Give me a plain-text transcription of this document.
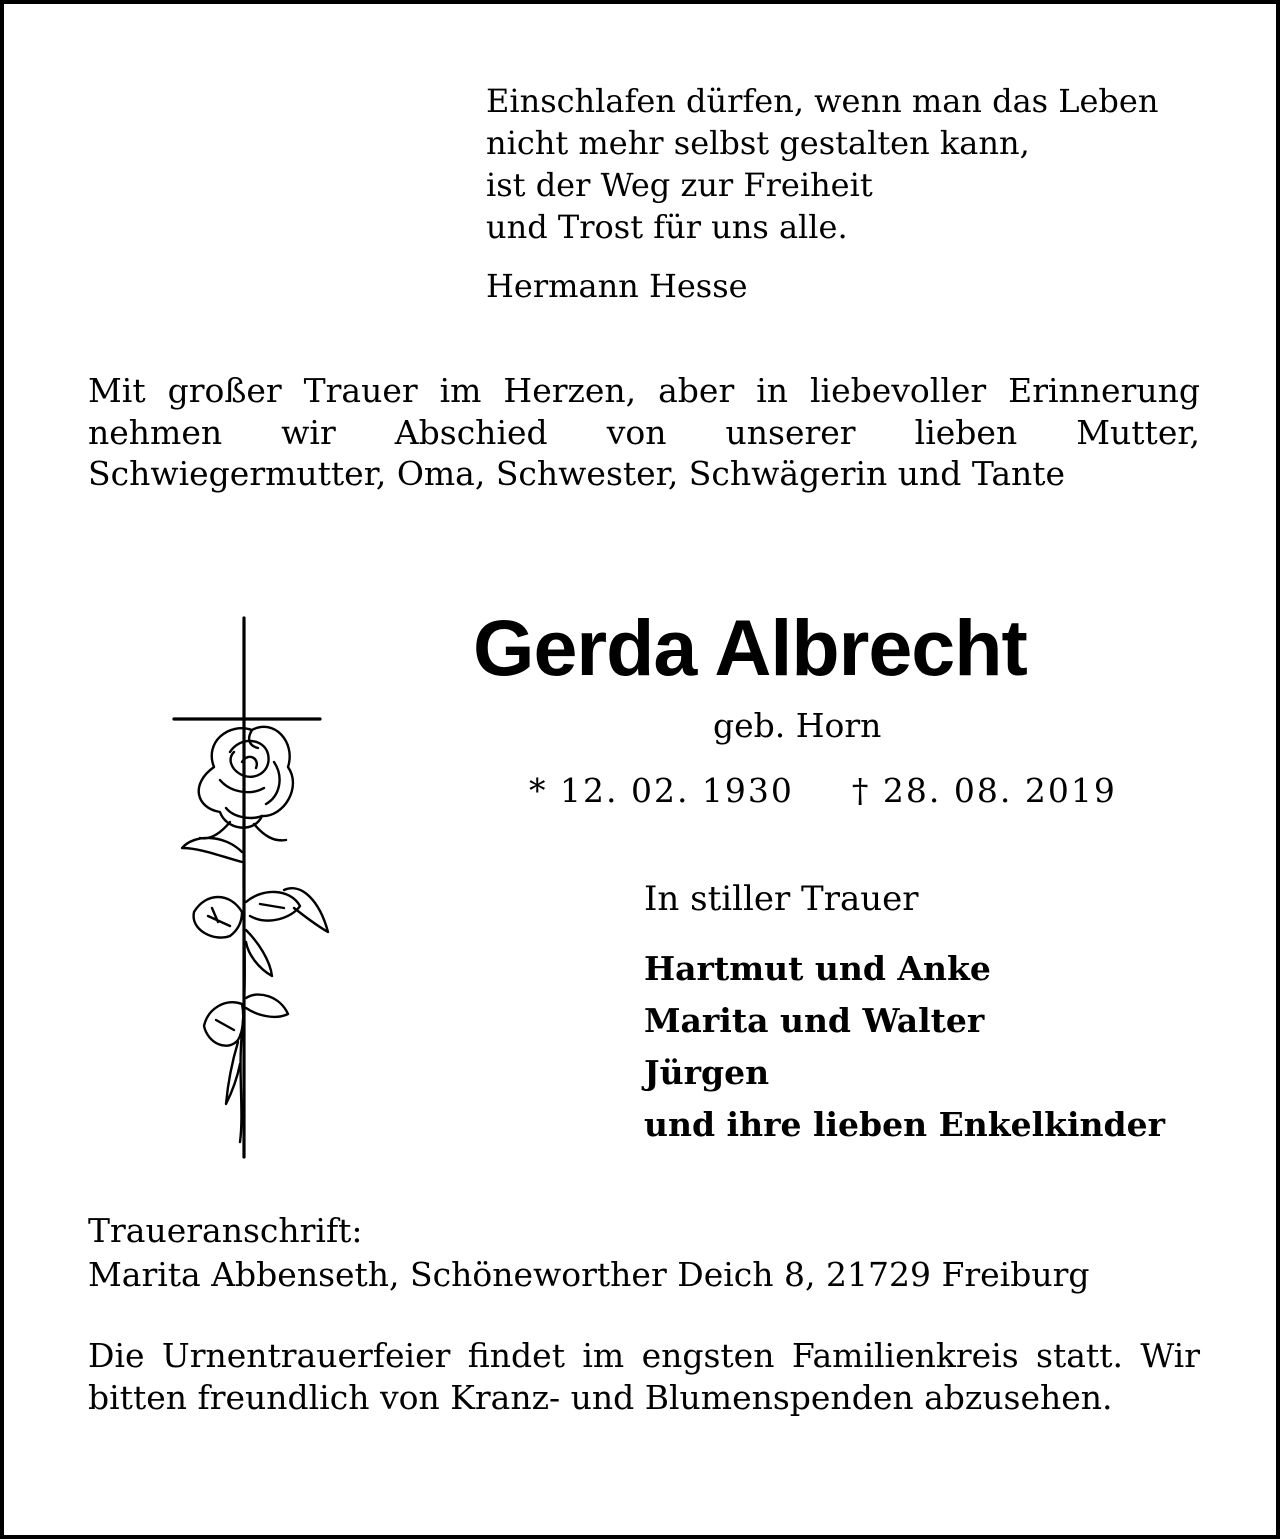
Einschlafen dürfen, wenn man das Leben
nicht mehr selbst gestalten kann,
ist der Weg zur Freiheit
und Trost für uns alle.

Hermann Hesse

Mit großer Trauer im Herzen, aber in liebevoller Erinnerung nehmen wir Abschied von unserer lieben Mutter, Schwiegermutter, Oma, Schwester, Schwägerin und Tante

Gerda Albrecht

geb. Horn

* 12. 02. 1930 † 28. 08. 2019

In stiller Trauer

Hartmut und Anke
Marita und Walter
Jürgen
und ihre lieben Enkelkinder

Traueranschrift:

Marita Abbenseth, Schöneworther Deich 8, 21729 Freiburg

Die Urnentrauerfeier findet im engsten Familienkreis statt. Wir bitten freundlich von Kranz- und Blumenspenden abzusehen.
